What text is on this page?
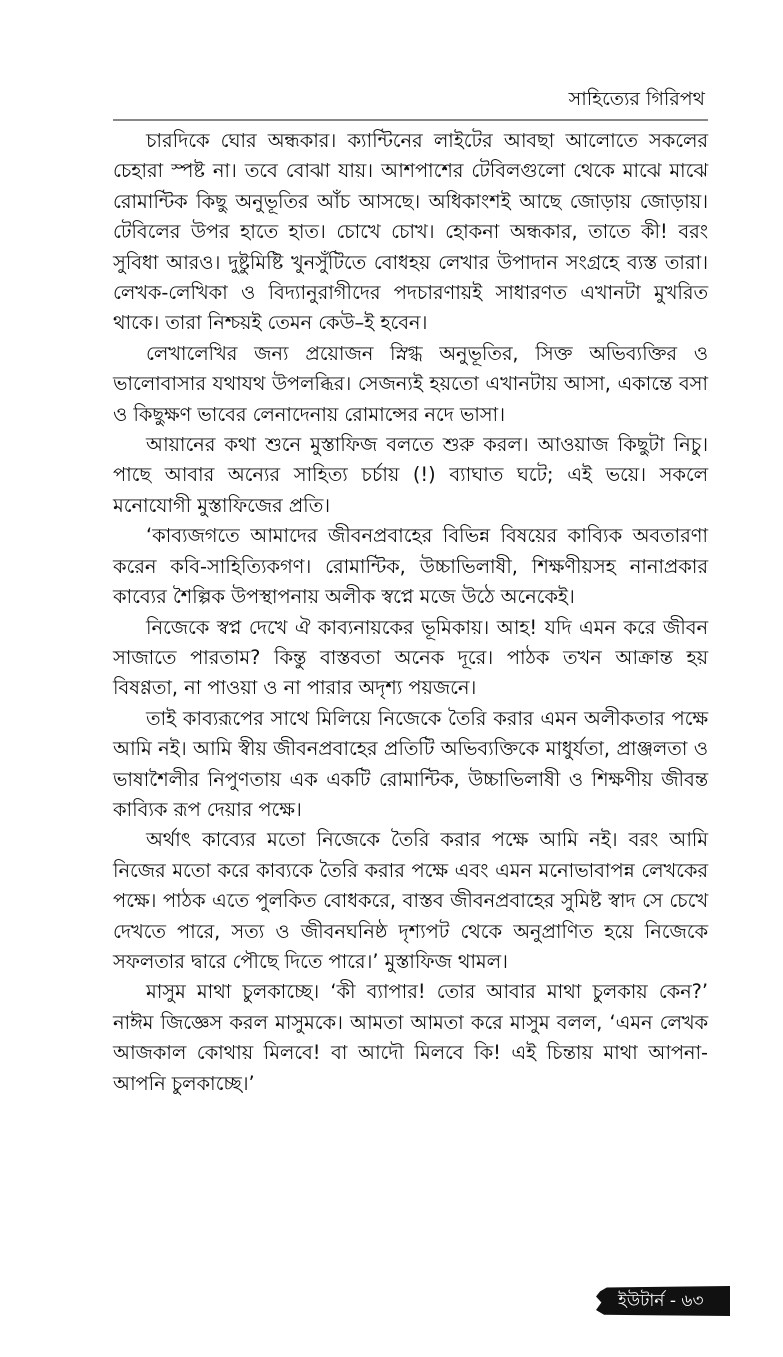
সাহিত্যের গিরিপথ

চারদিকে ঘোর অন্ধকার। ক্যান্টিনের লাইটের আবছা আলোতে সকলের চেহারা স্পষ্ট না। তবে বোঝা যায়। আশপাশের টেবিলগুলো থেকে মাঝে মাঝে রোমান্টিক কিছু অনুভূতির আঁচ আসছে। অধিকাংশই আছে জোড়ায় জোড়ায়। টেবিলের উপর হাতে হাত। চোখে চোখ। হোকনা অন্ধকার, তাতে কী! বরং সুবিধা আরও। দুষ্টুমিষ্টি খুনসুঁটিতে বোধহয় লেখার উপাদান সংগ্রহে ব্যস্ত তারা। লেখক-লেখিকা ও বিদ্যানুরাগীদের পদচারণায়ই সাধারণত এখানটা মুখরিত থাকে। তারা নিশ্চয়ই তেমন কেউ–ই হবেন।

লেখালেখির জন্য প্রয়োজন স্নিগ্ধ অনুভূতির, সিক্ত অভিব্যক্তির ও ভালোবাসার যথাযথ উপলব্ধির। সেজন্যই হয়তো এখানটায় আসা, একান্তে বসা ও কিছুক্ষণ ভাবের লেনাদেনায় রোমান্সের নদে ভাসা।

আয়ানের কথা শুনে মুস্তাফিজ বলতে শুরু করল। আওয়াজ কিছুটা নিচু। পাছে আবার অন্যের সাহিত্য চর্চায় (!) ব্যাঘাত ঘটে; এই ভয়ে। সকলে মনোযোগী মুস্তাফিজের প্রতি।

‘কাব্যজগতে আমাদের জীবনপ্রবাহের বিভিন্ন বিষয়ের কাব্যিক অবতারণা করেন কবি-সাহিত্যিকগণ। রোমান্টিক, উচ্চাভিলাষী, শিক্ষণীয়সহ নানাপ্রকার কাব্যের শৈল্পিক উপস্থাপনায় অলীক স্বপ্নে মজে উঠে অনেকেই।

নিজেকে স্বপ্ন দেখে ঐ কাব্যনায়কের ভূমিকায়। আহ! যদি এমন করে জীবন সাজাতে পারতাম? কিন্তু বাস্তবতা অনেক দূরে। পাঠক তখন আক্রান্ত হয় বিষণ্ণতা, না পাওয়া ও না পারার অদৃশ্য পয়জনে।

তাই কাব্যরূপের সাথে মিলিয়ে নিজেকে তৈরি করার এমন অলীকতার পক্ষে আমি নই। আমি স্বীয় জীবনপ্রবাহের প্রতিটি অভিব্যক্তিকে মাধুর্যতা, প্রাঞ্জলতা ও ভাষাশৈলীর নিপুণতায় এক একটি রোমান্টিক, উচ্চাভিলাষী ও শিক্ষণীয় জীবন্ত কাব্যিক রূপ দেয়ার পক্ষে।

অর্থাৎ কাব্যের মতো নিজেকে তৈরি করার পক্ষে আমি নই। বরং আমি নিজের মতো করে কাব্যকে তৈরি করার পক্ষে এবং এমন মনোভাবাপন্ন লেখকের পক্ষে। পাঠক এতে পুলকিত বোধকরে, বাস্তব জীবনপ্রবাহের সুমিষ্ট স্বাদ সে চেখে দেখতে পারে, সত্য ও জীবনঘনিষ্ঠ দৃশ্যপট থেকে অনুপ্রাণিত হয়ে নিজেকে সফলতার দ্বারে পৌছে দিতে পারে।’ মুস্তাফিজ থামল।

মাসুম মাথা চুলকাচ্ছে। ‘কী ব্যাপার! তোর আবার মাথা চুলকায় কেন?’ নাঈম জিজ্ঞেস করল মাসুমকে। আমতা আমতা করে মাসুম বলল, ‘এমন লেখক আজকাল কোথায় মিলবে! বা আদৌ মিলবে কি! এই চিন্তায় মাথা আপনা-আপনি চুলকাচ্ছে।’

ইউটার্ন - ৬৩
